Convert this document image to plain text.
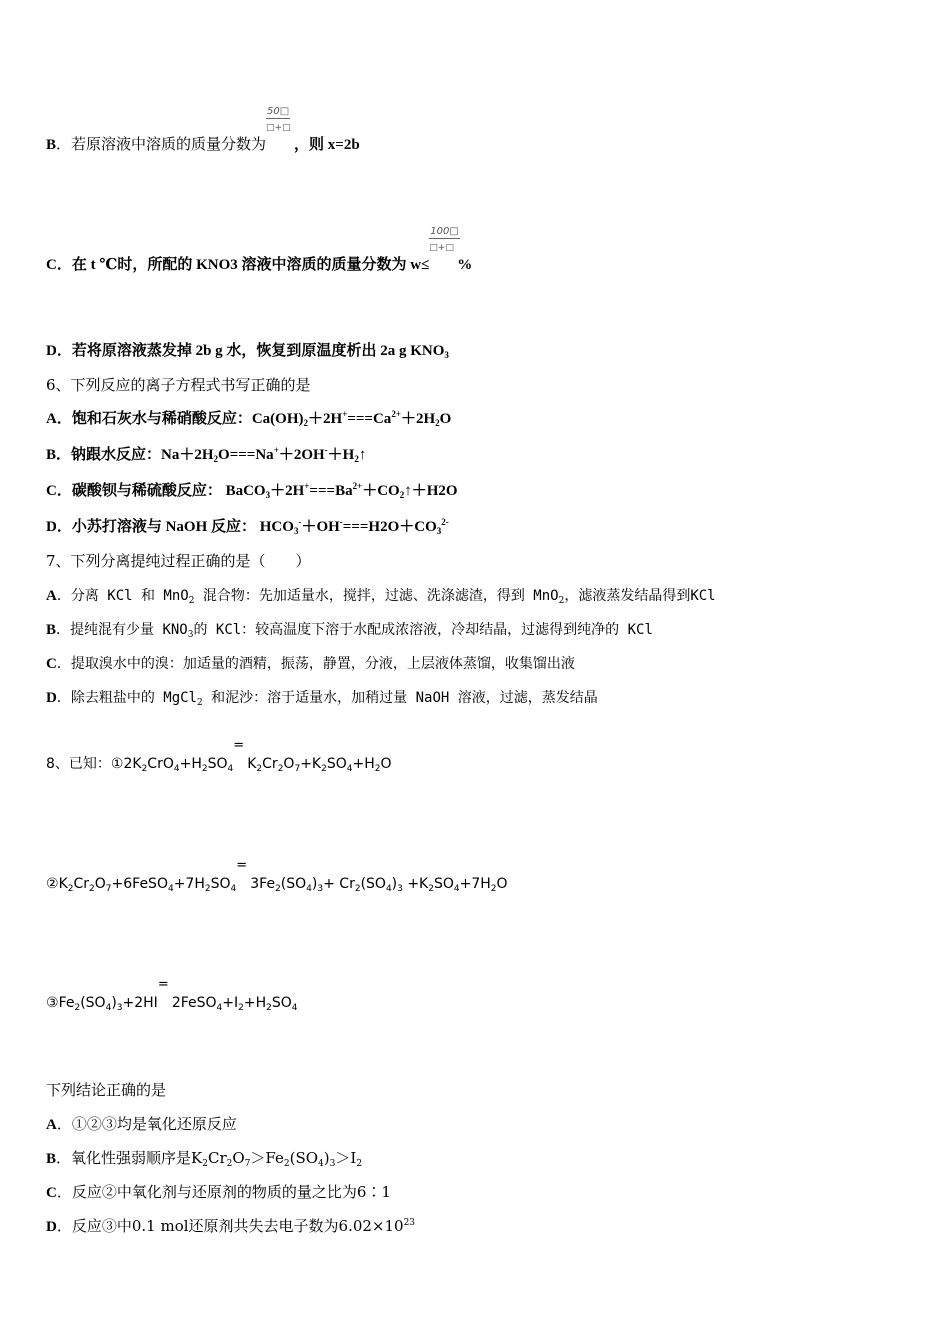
B．若原溶液中溶质的质量分数为 $\frac{50□}{□+□}$ ，则 x=2b
C．在 t ℃时，所配的 KNO3 溶液中溶质的质量分数为 $w\le \frac{100□}{□+□}$ %
D．若将原溶液蒸发掉 2b g 水，恢复到原温度析出 2a g $KNO_3$
6、下列反应的离子方程式书写正确的是
A．饱和石灰水与稀硝酸反应：$Ca(OH)_2+2H^+===Ca^{2+}+2H_2O$
B．钠跟水反应：$Na+2H_2O===Na^++2OH^-+H_2↑$
C．碳酸钡与稀硫酸反应： $BaCO_3+2H^+===Ba^{2+}+CO_2↑+H2O$
D．小苏打溶液与 NaOH 反应： $HCO_3^-+OH^-===H2O+CO_3^{2-}$
7、下列分离提纯过程正确的是（　　）
A．分离 KCl 和 MnO$_2$ 混合物：先加适量水，搅拌，过滤、洗涤滤渣，得到 MnO$_2$，滤液蒸发结晶得到KCl
B．提纯混有少量 $KNO_3$的 KCl：较高温度下溶于水配成浓溶液，冷却结晶，过滤得到纯净的 KCl
C．提取溴水中的溴：加适量的酒精，振荡，静置，分液，上层液体蒸馏，收集馏出液
D．除去粗盐中的 MgCl$_2$ 和泥沙：溶于适量水，加稍过量 NaOH 溶液，过滤，蒸发结晶
8、已知：$①2K_2CrO_4+H_2SO_4$
=
$K_2Cr_2O_7+K_2SO_4+H_2O$
$②K_2Cr_2O_7+6FeSO_4+7H_2SO_4$
=
$3Fe_2(SO_4)_3+ Cr_2(SO_4)_3 +K_2SO_4+7H_2O$
$③Fe_2(SO_4)_3+2HI$
=
$2FeSO_4+I_2+H_2SO_4$
下列结论正确的是
A．①②③均是氧化还原反应
B．氧化性强弱顺序是$K_2Cr_2O_7>Fe_2(SO_4)_3>I_2$
C．反应②中氧化剂与还原剂的物质的量之比为6∶1
D．反应③中0.1 mol还原剂共失去电子数为$6.02\times 10^{23}$
